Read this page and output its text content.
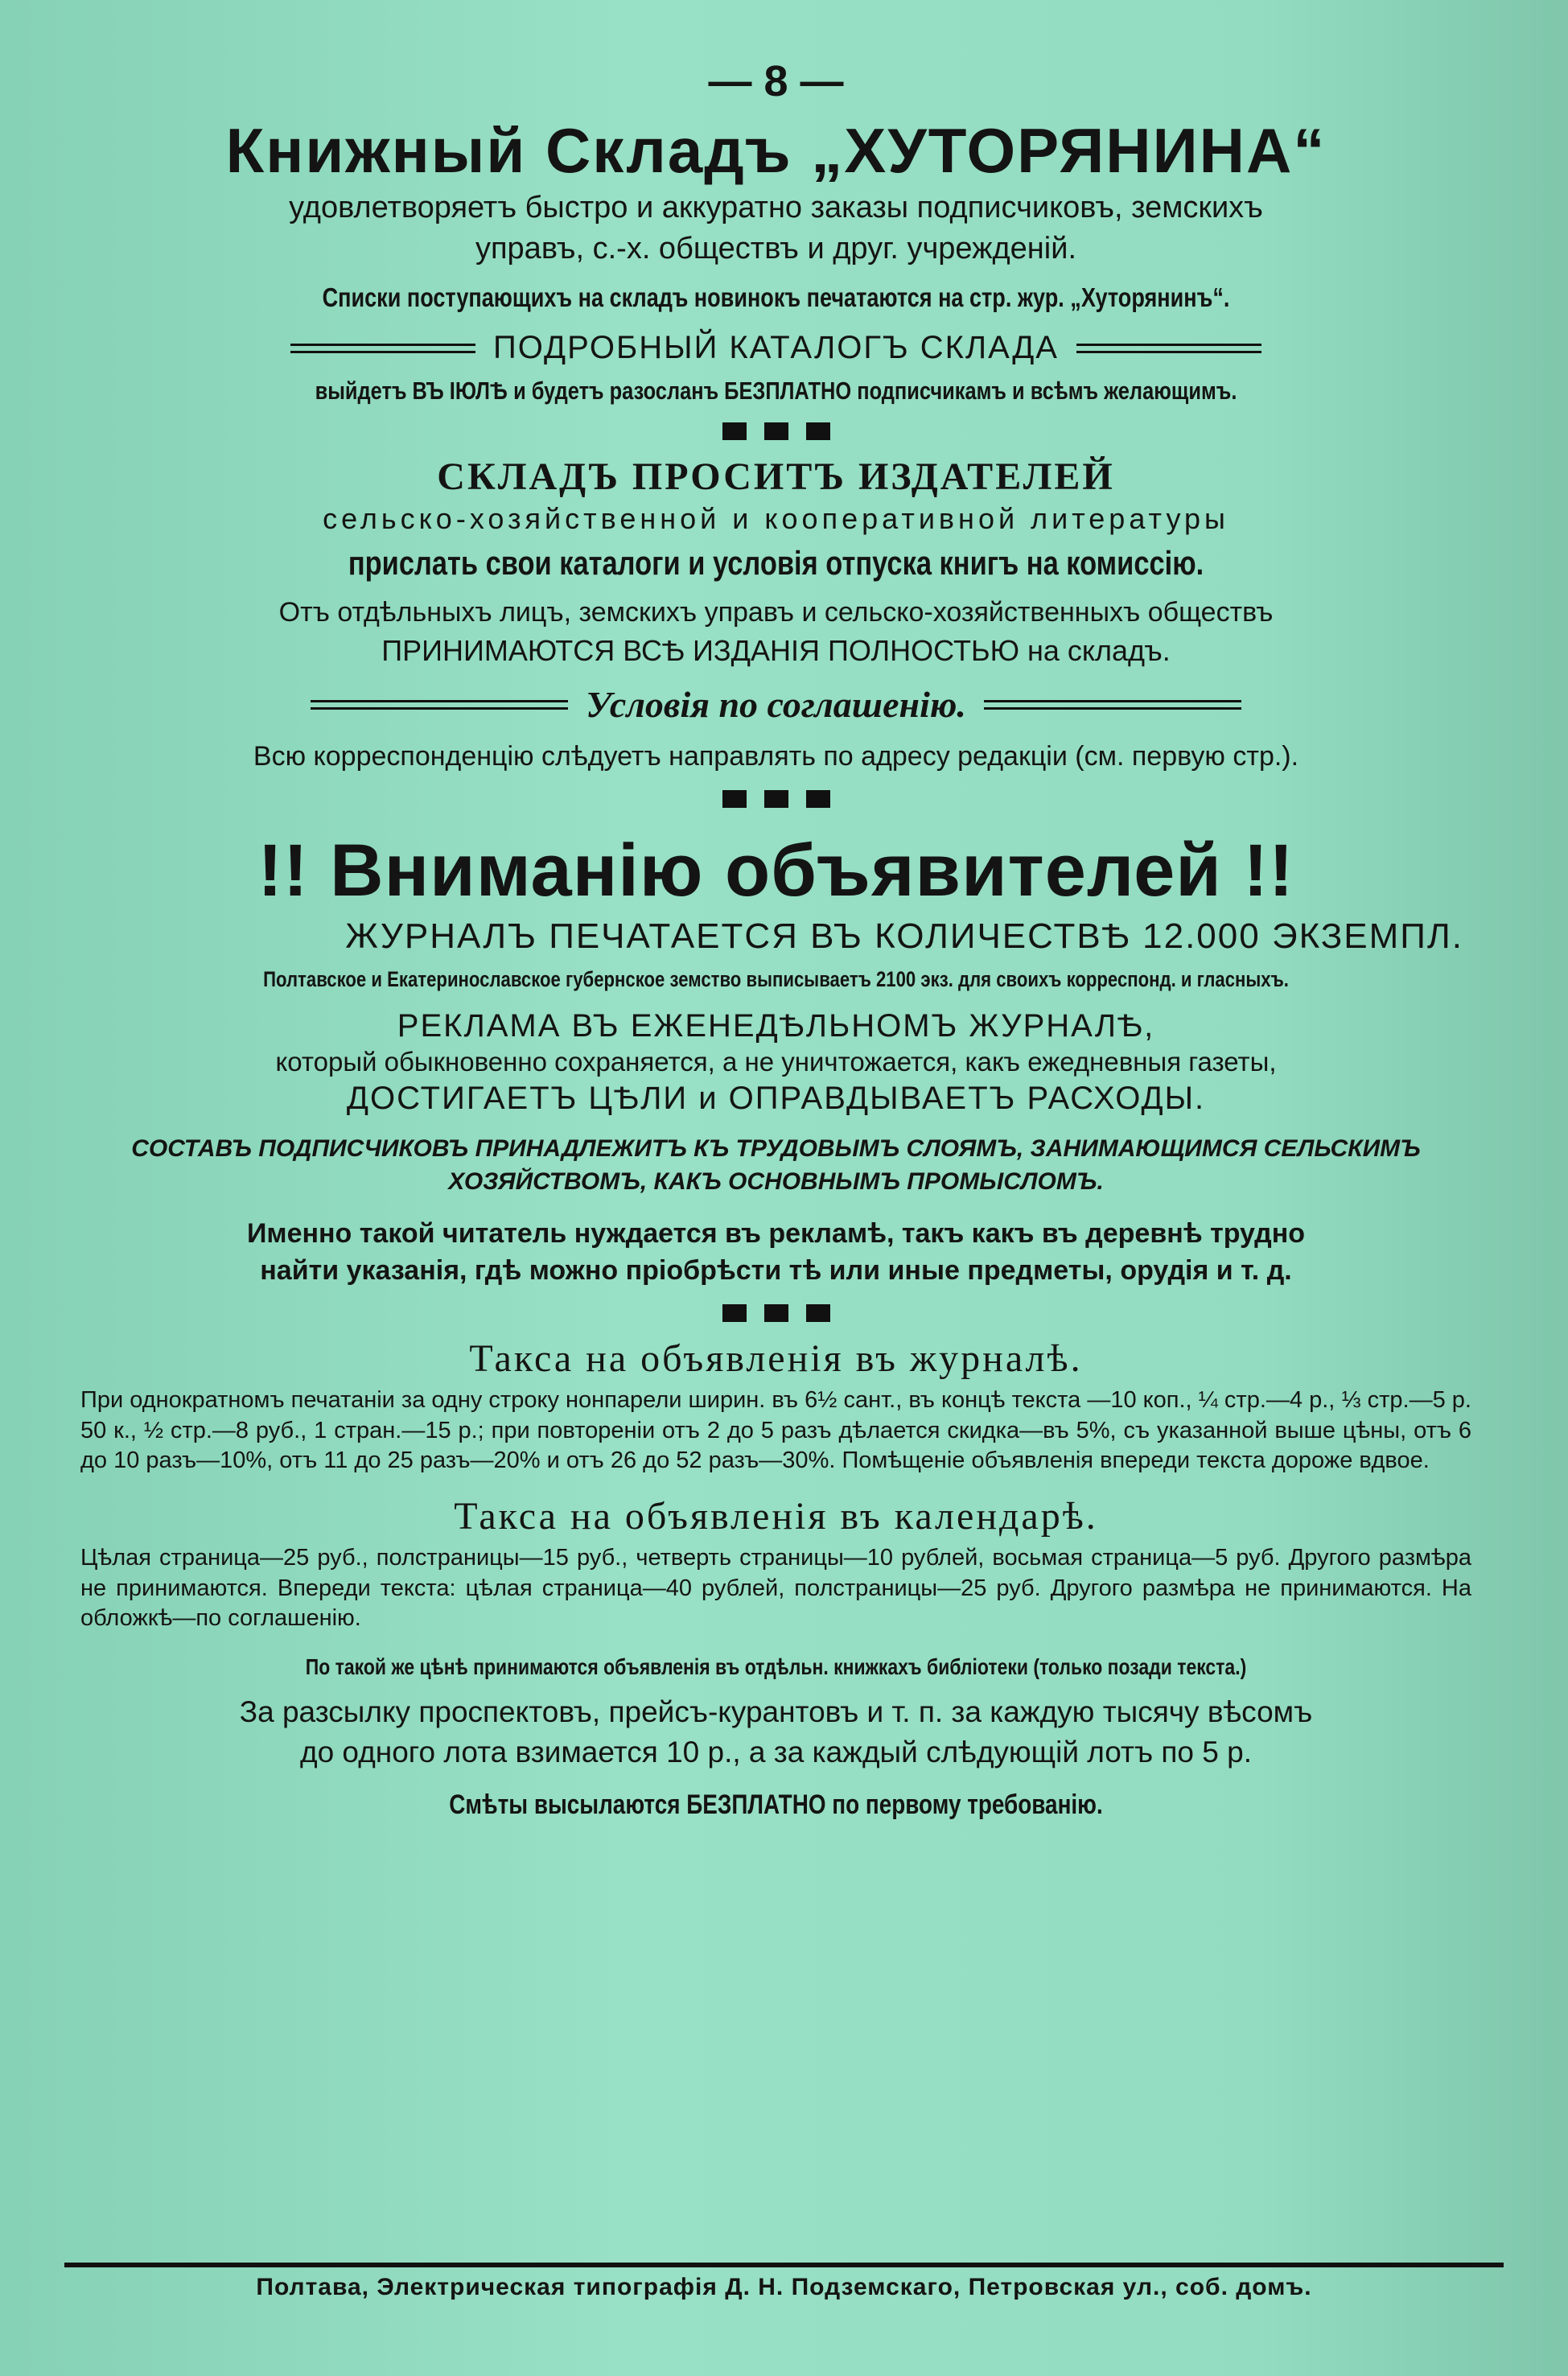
— 8 —
Книжный Складъ „ХУТОРЯНИНА“

удовлетворяетъ быстро и аккуратно заказы подписчиковъ, земскихъ

управъ, с.-х. обществъ и друг. учрежденій.

Списки поступающихъ на складъ новинокъ печатаются на стр. жур. „Хуторянинъ“.

ПОДРОБНЫЙ КАТАЛОГЪ СКЛАДА

выйдетъ ВЪ ІЮЛѢ и будетъ разосланъ БЕЗПЛАТНО подписчикамъ и всѣмъ желающимъ.

СКЛАДЪ ПРОСИТЪ ИЗДАТЕЛЕЙ
сельско-хозяйственной и кооперативной литературы

прислать свои каталоги и условія отпуска книгъ на комиссію.

Отъ отдѣльныхъ лицъ, земскихъ управъ и сельско-хозяйственныхъ обществъ

ПРИНИМАЮТСЯ ВСѢ ИЗДАНІЯ ПОЛНОСТЬЮ на складъ.

Условія по соглашенію.

Всю корреспонденцію слѣдуетъ направлять по адресу редакціи (см. первую стр.).

!! Вниманію объявителей !!
ЖУРНАЛЪ ПЕЧАТАЕТСЯ ВЪ КОЛИЧЕСТВѢ 12.000 ЭКЗЕМПЛ.

Полтавское и Екатеринославское губернское земство выписываетъ 2100 экз. для своихъ корреспонд. и гласныхъ.

РЕКЛАМА ВЪ ЕЖЕНЕДѢЛЬНОМЪ ЖУРНАЛѢ,

который обыкновенно сохраняется, а не уничтожается, какъ ежедневныя газеты,

ДОСТИГАЕТЪ ЦѢЛИ и ОПРАВДЫВАЕТЪ РАСХОДЫ.
СОСТАВЪ ПОДПИСЧИКОВЪ ПРИНАДЛЕЖИТЪ КЪ ТРУДОВЫМЪ СЛОЯМЪ, ЗАНИМАЮЩИМСЯ СЕЛЬСКИМЪ
ХОЗЯЙСТВОМЪ, КАКЪ ОСНОВНЫМЪ ПРОМЫСЛОМЪ.

Именно такой читатель нуждается въ рекламѣ, такъ какъ въ деревнѣ трудно

найти указанія, гдѣ можно пріобрѣсти тѣ или иные предметы, орудія и т. д.

Такса на объявленія въ журналѣ.

При однократномъ печатаніи за одну строку нонпарели ширин. въ 6½ сант., въ концѣ текста —10 коп., ¼ стр.—4 р., ⅓ стр.—5 р. 50 к., ½ стр.—8 руб., 1 стран.—15 р.; при повтореніи отъ 2 до 5 разъ дѣлается скидка—въ 5%, съ указанной выше цѣны, отъ 6 до 10 разъ—10%, отъ 11 до 25 разъ—20% и отъ 26 до 52 разъ—30%. Помѣщеніе объявленія впереди текста дороже вдвое.

Такса на объявленія въ календарѣ.

Цѣлая страница—25 руб., полстраницы—15 руб., четверть страницы—10 рублей, восьмая страница—5 руб. Другого размѣра не принимаются. Впереди текста: цѣлая страница—40 рублей, полстраницы—25 руб. Другого размѣра не принимаются. На обложкѣ—по соглашенію.

По такой же цѣнѣ принимаются объявленія въ отдѣльн. книжкахъ библіотеки (только позади текста.)

За разсылку проспектовъ, прейсъ-курантовъ и т. п. за каждую тысячу вѣсомъ

до одного лота взимается 10 р., а за каждый слѣдующій лотъ по 5 р.

Смѣты высылаются БЕЗПЛАТНО по первому требованію.

Полтава, Электрическая типографія Д. Н. Подземскаго, Петровская ул., соб. домъ.
